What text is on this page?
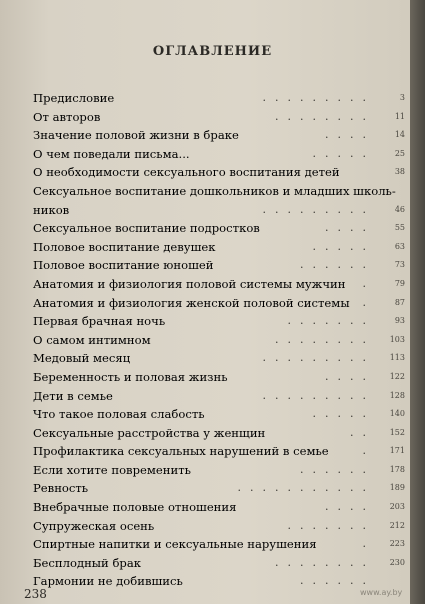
ОГЛАВЛЕНИЕ
Предисловие	.........	3
От авторов	........	11
Значение половой жизни в браке	....	14
О чем поведали письма...	.....	25
О необходимости сексуального воспитания детей	38
Сексуальное воспитание дошкольников и младших школь-
ников	.........	46
Сексуальное воспитание подростков	....	55
Половое воспитание девушек	.....	63
Половое воспитание юношей	......	73
Анатомия и физиология половой системы мужчин .	79
Анатомия и физиология женской половой системы .	87
Первая брачная ночь	.......	93
О самом интимном	........	103
Медовый месяц	.........	113
Беременность и половая жизнь	....	122
Дети в семье	.........	128
Что такое половая слабость	.....	140
Сексуальные расстройства у женщин	..	152
Профилактика сексуальных нарушений в семье	.	171
Если хотите повременить	......	178
Ревность	...........	189
Внебрачные половые отношения	....	203
Супружеская осень	.......	212
Спиртные напитки и сексуальные нарушения	.	223
Бесплодный брак	........	230
Гармонии не добившись	......
238	www.ay.by
